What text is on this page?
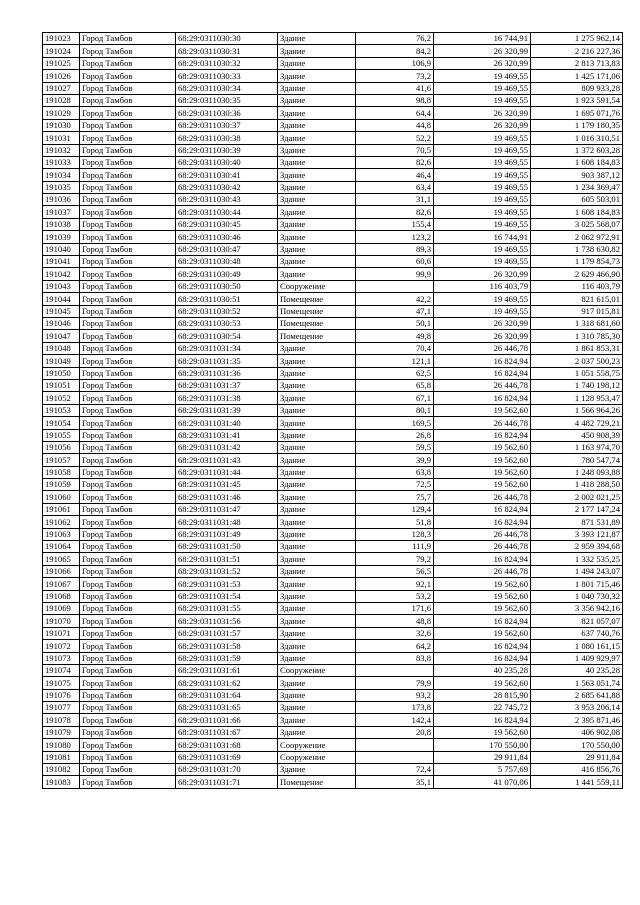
191023	Город Тамбов	68:29:0311030:30	Здание	76,2	16 744,91	1 275 962,14
191024	Город Тамбов	68:29:0311030:31	Здание	84,2	26 320,99	2 216 227,36
191025	Город Тамбов	68:29:0311030:32	Здание	106,9	26 320,99	2 813 713,83
191026	Город Тамбов	68:29:0311030:33	Здание	73,2	19 469,55	1 425 171,06
191027	Город Тамбов	68:29:0311030:34	Здание	41,6	19 469,55	809 933,28
191028	Город Тамбов	68:29:0311030:35	Здание	98,8	19 469,55	1 923 591,54
191029	Город Тамбов	68:29:0311030:36	Здание	64,4	26 320,99	1 695 071,76
191030	Город Тамбов	68:29:0311030:37	Здание	44,8	26 320,99	1 179 180,35
191031	Город Тамбов	68:29:0311030:38	Здание	52,2	19 469,55	1 016 310,51
191032	Город Тамбов	68:29:0311030:39	Здание	70,5	19 469,55	1 372 603,28
191033	Город Тамбов	68:29:0311030:40	Здание	82,6	19 469,55	1 608 184,83
191034	Город Тамбов	68:29:0311030:41	Здание	46,4	19 469,55	903 387,12
191035	Город Тамбов	68:29:0311030:42	Здание	63,4	19 469,55	1 234 369,47
191036	Город Тамбов	68:29:0311030:43	Здание	31,1	19 469,55	605 503,01
191037	Город Тамбов	68:29:0311030:44	Здание	82,6	19 469,55	1 608 184,83
191038	Город Тамбов	68:29:0311030:45	Здание	155,4	19 469,55	3 025 568,07
191039	Город Тамбов	68:29:0311030:46	Здание	123,2	16 744,91	2 062 972,91
191040	Город Тамбов	68:29:0311030:47	Здание	89,3	19 469,55	1 738 630,82
191041	Город Тамбов	68:29:0311030:48	Здание	60,6	19 469,55	1 179 854,73
191042	Город Тамбов	68:29:0311030:49	Здание	99,9	26 320,99	2 629 466,90
191043	Город Тамбов	68:29:0311030:50	Сооружение		116 403,79	116 403,79
191044	Город Тамбов	68:29:0311030:51	Помещение	42,2	19 469,55	821 615,01
191045	Город Тамбов	68:29:0311030:52	Помещение	47,1	19 469,55	917 015,81
191046	Город Тамбов	68:29:0311030:53	Помещение	50,1	26 320,99	1 318 681,60
191047	Город Тамбов	68:29:0311030:54	Помещение	49,8	26 320,99	1 310 785,30
191048	Город Тамбов	68:29:0311031:34	Здание	70,4	26 446,78	1 861 853,31
191049	Город Тамбов	68:29:0311031:35	Здание	121,1	16 824,94	2 037 500,23
191050	Город Тамбов	68:29:0311031:36	Здание	62,5	16 824,94	1 051 558,75
191051	Город Тамбов	68:29:0311031:37	Здание	65,8	26 446,78	1 740 198,12
191052	Город Тамбов	68:29:0311031:38	Здание	67,1	16 824,94	1 128 953,47
191053	Город Тамбов	68:29:0311031:39	Здание	80,1	19 562,60	1 566 964,26
191054	Город Тамбов	68:29:0311031:40	Здание	169,5	26 446,78	4 482 729,21
191055	Город Тамбов	68:29:0311031:41	Здание	26,8	16 824,94	450 908,39
191056	Город Тамбов	68:29:0311031:42	Здание	59,5	19 562,60	1 163 974,70
191057	Город Тамбов	68:29:0311031:43	Здание	39,9	19 562,60	780 547,74
191058	Город Тамбов	68:29:0311031:44	Здание	63,8	19 562,60	1 248 093,88
191059	Город Тамбов	68:29:0311031:45	Здание	72,5	19 562,60	1 418 288,50
191060	Город Тамбов	68:29:0311031:46	Здание	75,7	26 446,78	2 002 021,25
191061	Город Тамбов	68:29:0311031:47	Здание	129,4	16 824,94	2 177 147,24
191062	Город Тамбов	68:29:0311031:48	Здание	51,8	16 824,94	871 531,89
191063	Город Тамбов	68:29:0311031:49	Здание	128,3	26 446,78	3 393 121,87
191064	Город Тамбов	68:29:0311031:50	Здание	111,9	26 446,78	2 959 394,68
191065	Город Тамбов	68:29:0311031:51	Здание	79,2	16 824,94	1 332 535,25
191066	Город Тамбов	68:29:0311031:52	Здание	56,5	26 446,78	1 494 243,07
191067	Город Тамбов	68:29:0311031:53	Здание	92,1	19 562,60	1 801 715,46
191068	Город Тамбов	68:29:0311031:54	Здание	53,2	19 562,60	1 040 730,32
191069	Город Тамбов	68:29:0311031:55	Здание	171,6	19 562,60	3 356 942,16
191070	Город Тамбов	68:29:0311031:56	Здание	48,8	16 824,94	821 057,07
191071	Город Тамбов	68:29:0311031:57	Здание	32,6	19 562,60	637 740,76
191072	Город Тамбов	68:29:0311031:58	Здание	64,2	16 824,94	1 080 161,15
191073	Город Тамбов	68:29:0311031:59	Здание	83,8	16 824,94	1 409 929,97
191074	Город Тамбов	68:29:0311031:61	Сооружение		40 235,28	40 235,28
191075	Город Тамбов	68:29:0311031:62	Здание	79,9	19 562,60	1 563 051,74
191076	Город Тамбов	68:29:0311031:64	Здание	93,2	28 815,90	2 685 641,88
191077	Город Тамбов	68:29:0311031:65	Здание	173,8	22 745,72	3 953 206,14
191078	Город Тамбов	68:29:0311031:66	Здание	142,4	16 824,94	2 395 871,46
191079	Город Тамбов	68:29:0311031:67	Здание	20,8	19 562,60	406 902,08
191080	Город Тамбов	68:29:0311031:68	Сооружение		170 550,00	170 550,00
191081	Город Тамбов	68:29:0311031:69	Сооружение		29 911,84	29 911,84
191082	Город Тамбов	68:29:0311031:70	Здание	72,4	5 757,69	416 856,76
191083	Город Тамбов	68:29:0311031:71	Помещение	35,1	41 070,06	1 441 559,11
